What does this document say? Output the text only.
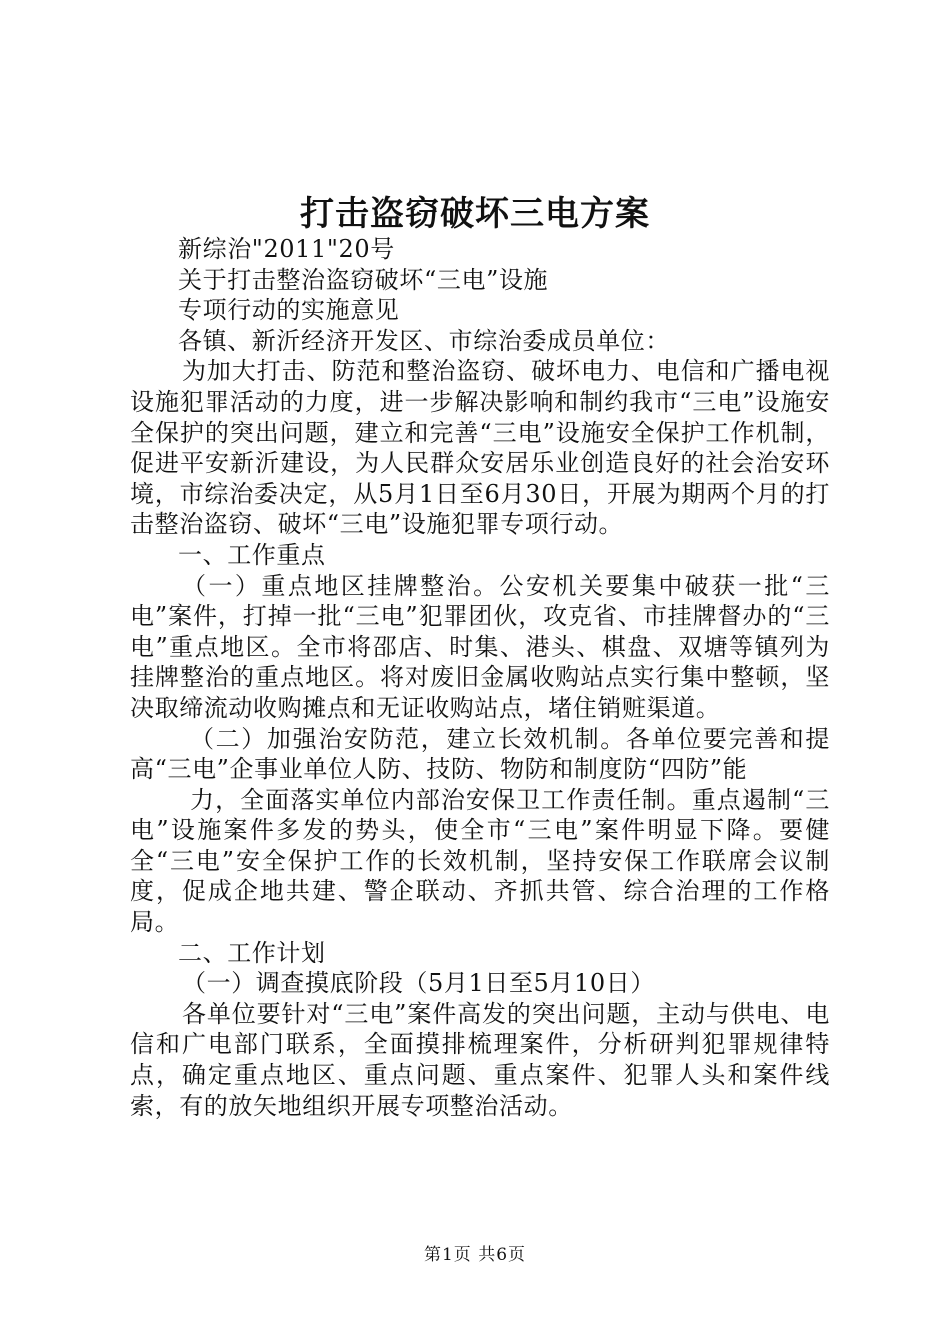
打击盗窃破坏三电方案

新综治"2011"20号

关于打击整治盗窃破坏“三电”设施

专项行动的实施意见

各镇、新沂经济开发区、市综治委成员单位：

为加大打击、防范和整治盗窃、破坏电力、电信和广播电视设施犯罪活动的力度，进一步解决影响和制约我市“三电”设施安全保护的突出问题，建立和完善“三电”设施安全保护工作机制，促进平安新沂建设，为人民群众安居乐业创造良好的社会治安环境，市综治委决定，从5月1日至6月30日，开展为期两个月的打击整治盗窃、破坏“三电”设施犯罪专项行动。

一、工作重点

（一）重点地区挂牌整治。公安机关要集中破获一批“三电”案件，打掉一批“三电”犯罪团伙，攻克省、市挂牌督办的“三电”重点地区。全市将邵店、时集、港头、棋盘、双塘等镇列为挂牌整治的重点地区。将对废旧金属收购站点实行集中整顿，坚决取缔流动收购摊点和无证收购站点，堵住销赃渠道。

（二）加强治安防范，建立长效机制。各单位要完善和提高“三电”企事业单位人防、技防、物防和制度防“四防”能

力，全面落实单位内部治安保卫工作责任制。重点遏制“三电”设施案件多发的势头，使全市“三电”案件明显下降。要健全“三电”安全保护工作的长效机制，坚持安保工作联席会议制度，促成企地共建、警企联动、齐抓共管、综合治理的工作格局。

二、工作计划

（一）调查摸底阶段（5月1日至5月10日）

各单位要针对“三电”案件高发的突出问题，主动与供电、电信和广电部门联系，全面摸排梳理案件，分析研判犯罪规律特点，确定重点地区、重点问题、重点案件、犯罪人头和案件线索，有的放矢地组织开展专项整治活动。

第1页 共6页
